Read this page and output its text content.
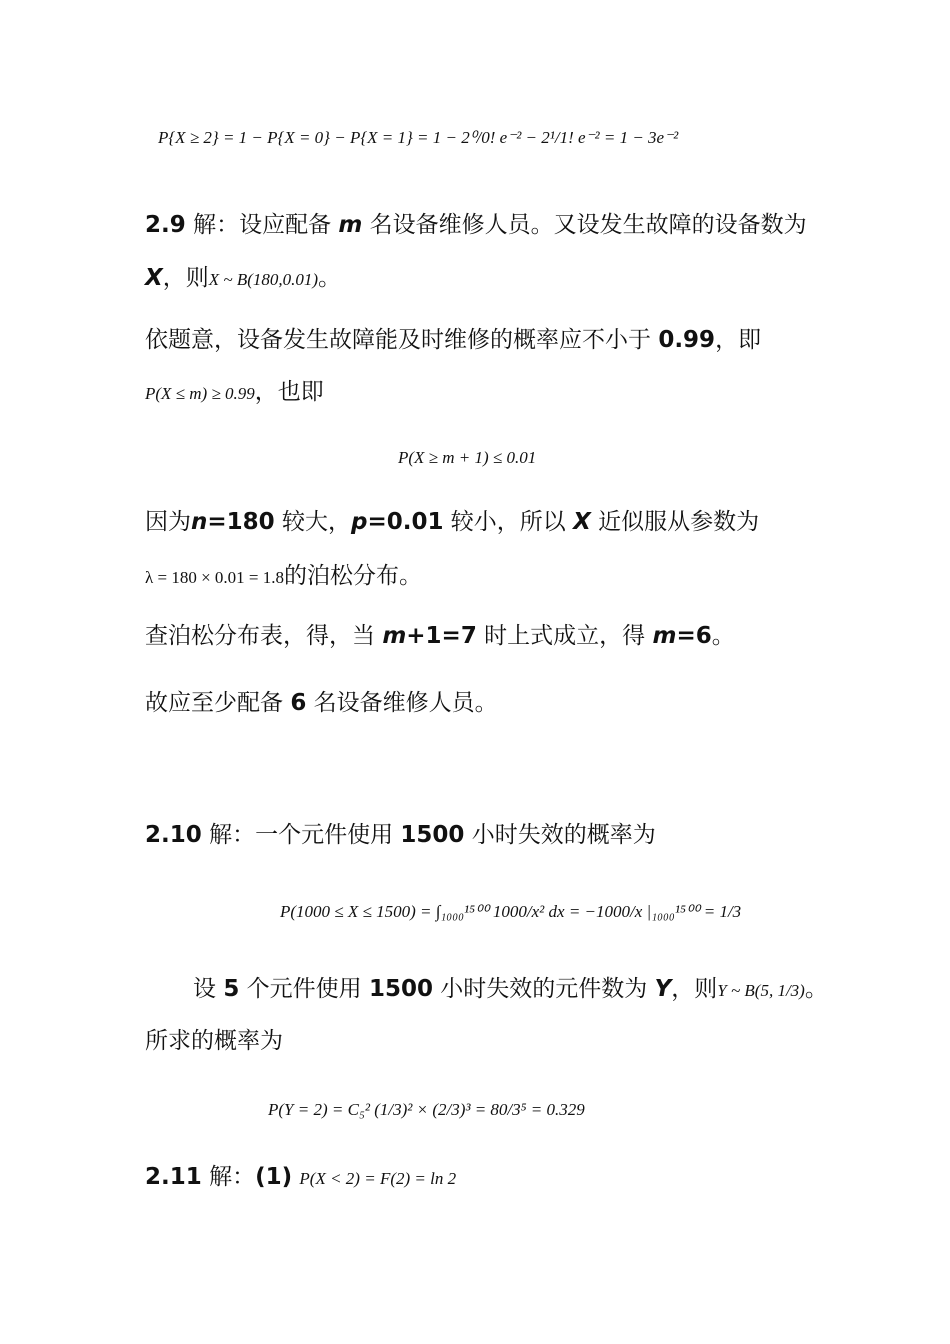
P{X ≥ 2} = 1 − P{X = 0} − P{X = 1} = 1 − 2⁰/0! e⁻² − 2¹/1! e⁻² = 1 − 3e⁻²
2.9 解：设应配备 m 名设备维修人员。又设发生故障的设备数为
X，则X ~ B(180,0.01)。
依题意，设备发生故障能及时维修的概率应不小于 0.99，即
P(X ≤ m) ≥ 0.99，也即
P(X ≥ m + 1) ≤ 0.01
因为n=180 较大，p=0.01 较小，所以 X 近似服从参数为
λ = 180 × 0.01 = 1.8的泊松分布。
查泊松分布表，得，当 m+1=7 时上式成立，得 m=6。
故应至少配备 6 名设备维修人员。
2.10 解：一个元件使用 1500 小时失效的概率为
P(1000 ≤ X ≤ 1500) = ∫₁₀₀₀¹⁵⁰⁰ 1000/x² dx = −1000/x |₁₀₀₀¹⁵⁰⁰ = 1/3
设 5 个元件使用 1500 小时失效的元件数为 Y，则Y ~ B(5, 1/3)。
所求的概率为
P(Y = 2) = C₅² (1/3)² × (2/3)³ = 80/3⁵ = 0.329
2.11 解：(1) P(X < 2) = F(2) = ln 2
